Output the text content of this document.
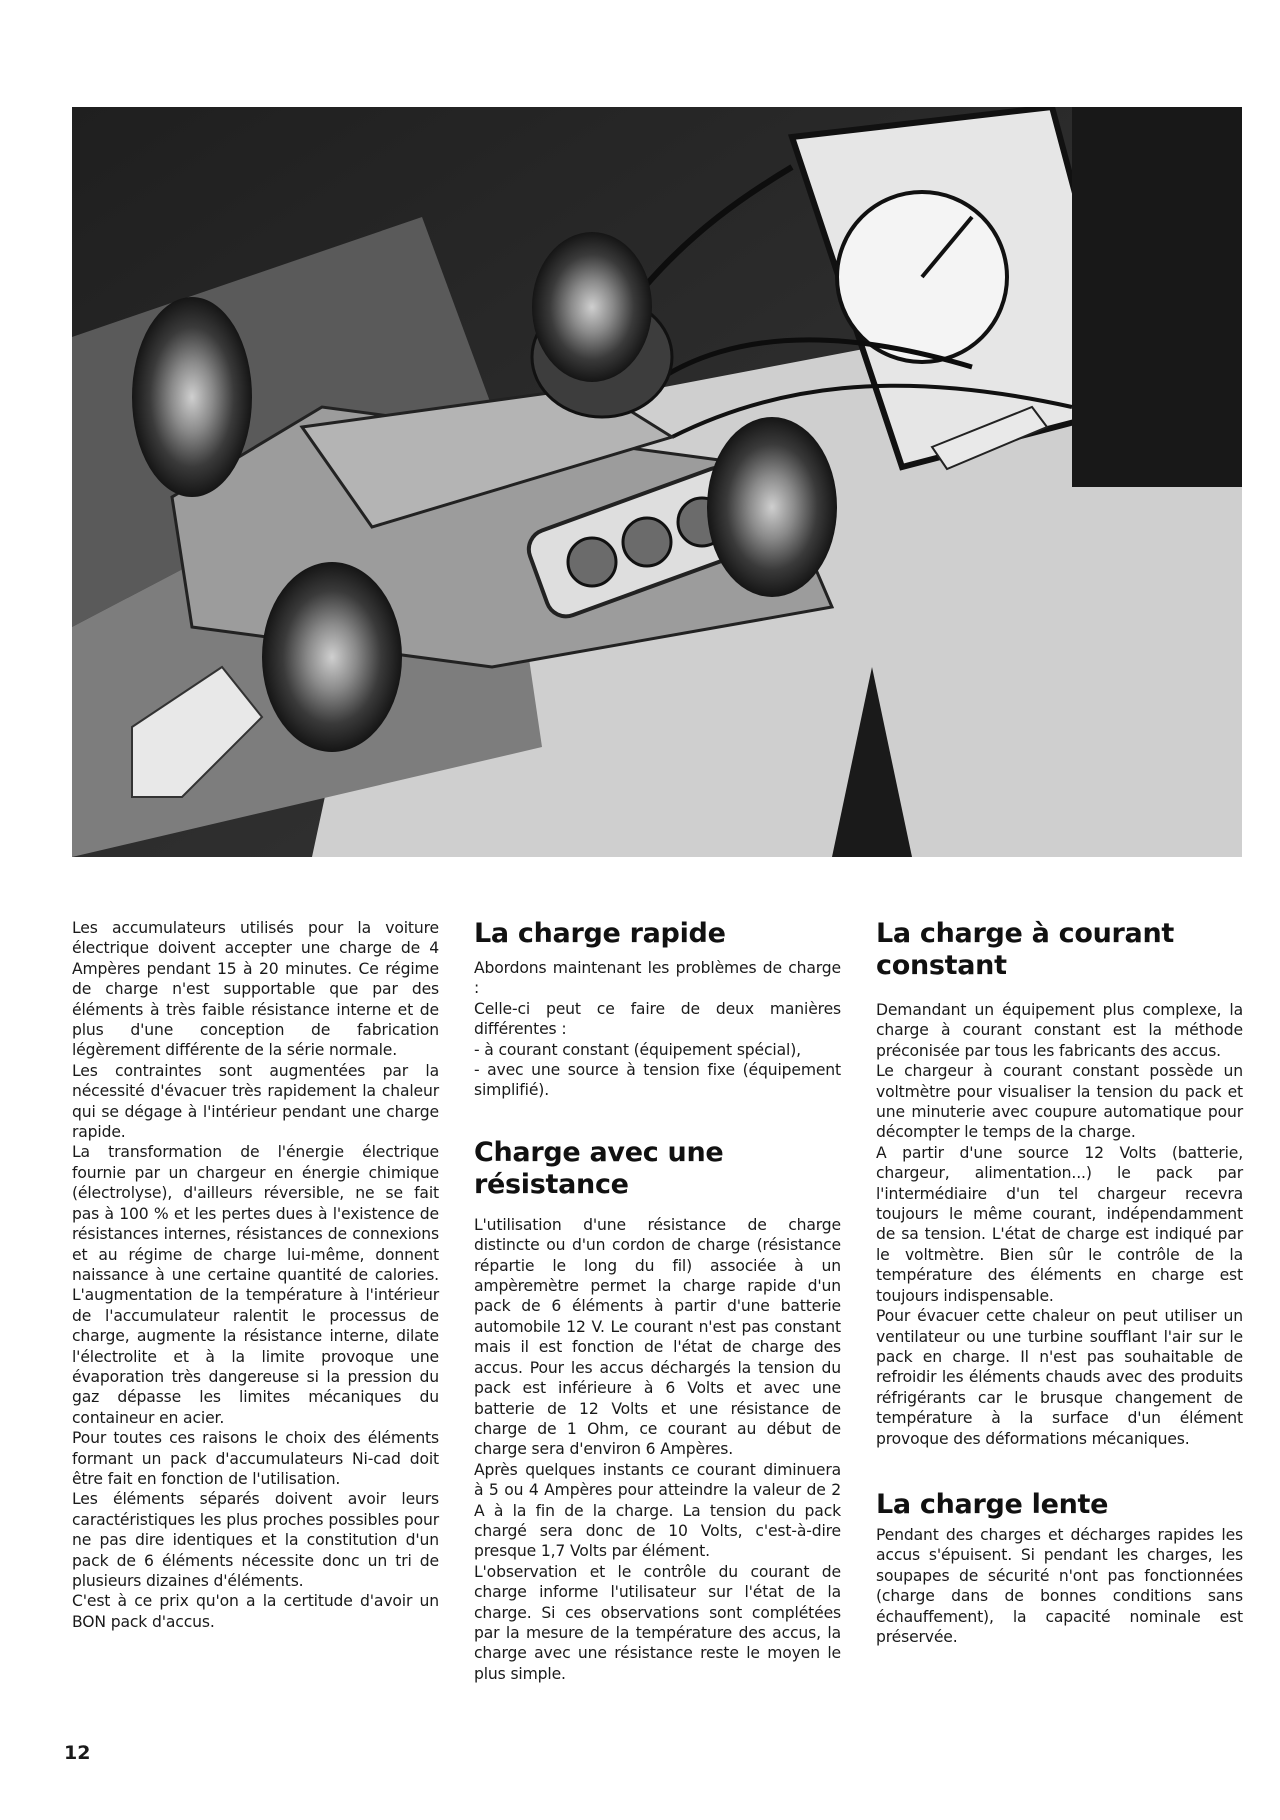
Les accumulateurs utilisés pour la voiture électrique doivent accepter une charge de 4 Ampères pendant 15 à 20 minutes. Ce régime de charge n'est supportable que par des éléments à très faible résistance interne et de plus d'une conception de fabrication légèrement différente de la série normale.

Les contraintes sont augmentées par la nécessité d'évacuer très rapidement la chaleur qui se dégage à l'intérieur pendant une charge rapide.

La transformation de l'énergie électrique fournie par un chargeur en énergie chimique (électrolyse), d'ailleurs réversible, ne se fait pas à 100 % et les pertes dues à l'existence de résistances internes, résistances de connexions et au régime de charge lui-même, donnent naissance à une certaine quantité de calories. L'augmentation de la température à l'intérieur de l'accumulateur ralentit le processus de charge, augmente la résistance interne, dilate l'électrolite et à la limite provoque une évaporation très dangereuse si la pression du gaz dépasse les limites mécaniques du containeur en acier.

Pour toutes ces raisons le choix des éléments formant un pack d'accumulateurs Ni-cad doit être fait en fonction de l'utilisation.

Les éléments séparés doivent avoir leurs caractéristiques les plus proches possibles pour ne pas dire identiques et la constitution d'un pack de 6 éléments nécessite donc un tri de plusieurs dizaines d'éléments.

C'est à ce prix qu'on a la certitude d'avoir un BON pack d'accus.

La charge rapide

Abordons maintenant les problèmes de charge :

Celle-ci peut ce faire de deux manières différentes :

- à courant constant (équipement spécial),

- avec une source à tension fixe (équipement simplifié).

Charge avec une résistance

L'utilisation d'une résistance de charge distincte ou d'un cordon de charge (résistance répartie le long du fil) associée à un ampèremètre permet la charge rapide d'un pack de 6 éléments à partir d'une batterie automobile 12 V. Le courant n'est pas constant mais il est fonction de l'état de charge des accus. Pour les accus déchargés la tension du pack est inférieure à 6 Volts et avec une batterie de 12 Volts et une résistance de charge de 1 Ohm, ce courant au début de charge sera d'environ 6 Ampères.

Après quelques instants ce courant diminuera à 5 ou 4 Ampères pour atteindre la valeur de 2 A à la fin de la charge. La tension du pack chargé sera donc de 10 Volts, c'est-à-dire presque 1,7 Volts par élément.

L'observation et le contrôle du courant de charge informe l'utilisateur sur l'état de la charge. Si ces observations sont complétées par la mesure de la température des accus, la charge avec une résistance reste le moyen le plus simple.

La charge à courant constant

Demandant un équipement plus complexe, la charge à courant constant est la méthode préconisée par tous les fabricants des accus.

Le chargeur à courant constant possède un voltmètre pour visualiser la tension du pack et une minuterie avec coupure automatique pour décompter le temps de la charge.

A partir d'une source 12 Volts (batterie, chargeur, alimentation...) le pack par l'intermédiaire d'un tel chargeur recevra toujours le même courant, indépendamment de sa tension. L'état de charge est indiqué par le voltmètre. Bien sûr le contrôle de la température des éléments en charge est toujours indispensable.

Pour évacuer cette chaleur on peut utiliser un ventilateur ou une turbine soufflant l'air sur le pack en charge. Il n'est pas souhaitable de refroidir les éléments chauds avec des produits réfrigérants car le brusque changement de température à la surface d'un élément provoque des déformations mécaniques.

La charge lente

Pendant des charges et décharges rapides les accus s'épuisent. Si pendant les charges, les soupapes de sécurité n'ont pas fonctionnées (charge dans de bonnes conditions sans échauffement), la capacité nominale est préservée.

12
